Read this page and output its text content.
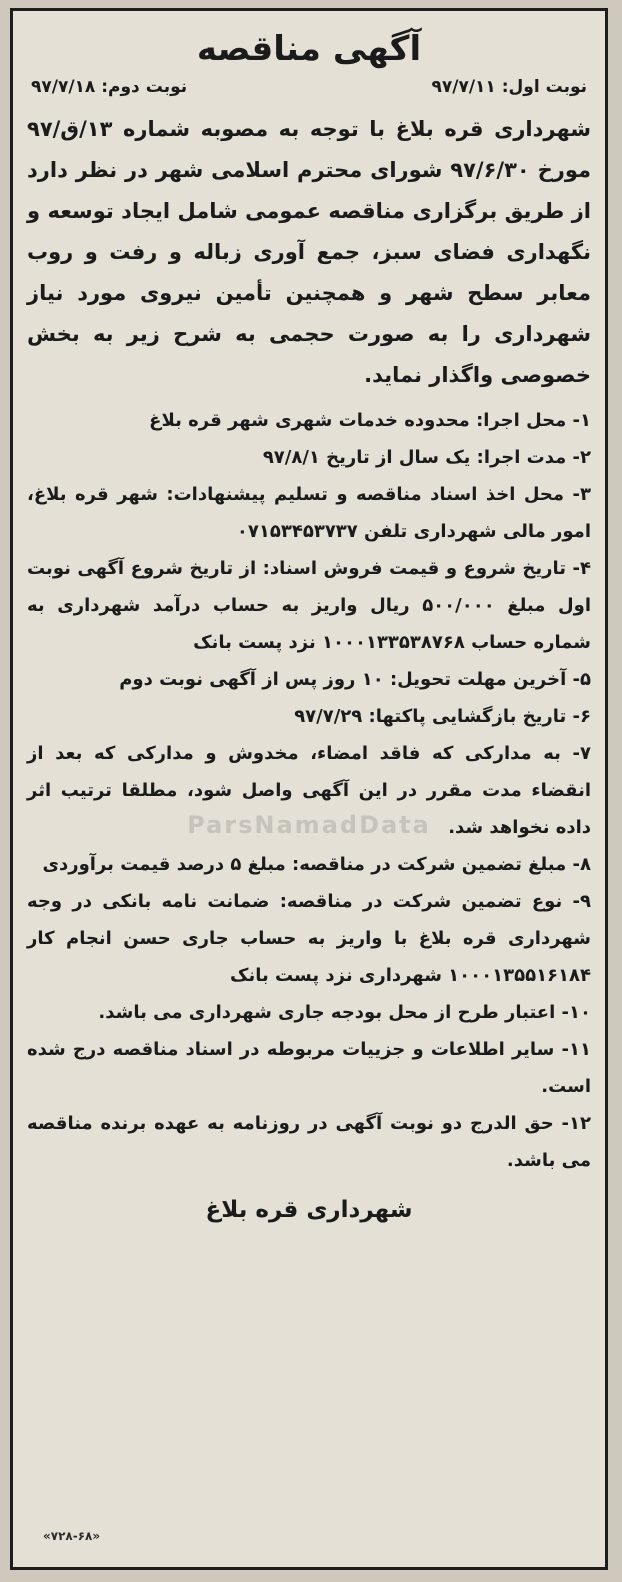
آگهی مناقصه
نوبت اول: ۹۷/۷/۱۱
نوبت دوم: ۹۷/۷/۱۸

شهرداری قره بلاغ با توجه به مصوبه شماره ۱۳/ق/۹۷ مورخ ۹۷/۶/۳۰ شورای محترم اسلامی شهر در نظر دارد از طریق برگزاری مناقصه عمومی شامل ایجاد توسعه و نگهداری فضای سبز، جمع آوری زباله و رفت و روب معابر سطح شهر و همچنین تأمین نیروی مورد نیاز شهرداری را به صورت حجمی به شرح زیر به بخش خصوصی واگذار نماید.

۱- محل اجرا: محدوده خدمات شهری شهر قره بلاغ
۲- مدت اجرا: یک سال از تاریخ ۹۷/۸/۱
۳- محل اخذ اسناد مناقصه و تسلیم پیشنهادات: شهر قره بلاغ، امور مالی شهرداری تلفن ۰۷۱۵۳۴۵۳۷۳۷
۴- تاریخ شروع و قیمت فروش اسناد: از تاریخ شروع آگهی نوبت اول مبلغ ۵۰۰/۰۰۰ ریال واریز به حساب درآمد شهرداری به شماره حساب ۱۰۰۰۱۳۳۵۳۸۷۶۸ نزد پست بانک
۵- آخرین مهلت تحویل: ۱۰ روز پس از آگهی نوبت دوم
۶- تاریخ بازگشایی پاکتها: ۹۷/۷/۲۹
۷- به مدارکی که فاقد امضاء، مخدوش و مدارکی که بعد از انقضاء مدت مقرر در این آگهی واصل شود، مطلقا ترتیب اثر داده نخواهد شد.
۸- مبلغ تضمین شرکت در مناقصه: مبلغ ۵ درصد قیمت برآوردی
۹- نوع تضمین شرکت در مناقصه: ضمانت نامه بانکی در وجه شهرداری قره بلاغ با واریز به حساب جاری حسن انجام کار ۱۰۰۰۱۳۵۵۱۶۱۸۴ شهرداری نزد پست بانک
۱۰- اعتبار طرح از محل بودجه جاری شهرداری می باشد.
۱۱- سایر اطلاعات و جزییات مربوطه در اسناد مناقصه درج شده است.
۱۲- حق الدرج دو نوبت آگهی در روزنامه به عهده برنده مناقصه می باشد.
شهرداری قره بلاغ
«۷۲۸-۶۸»
ParsNamadData
